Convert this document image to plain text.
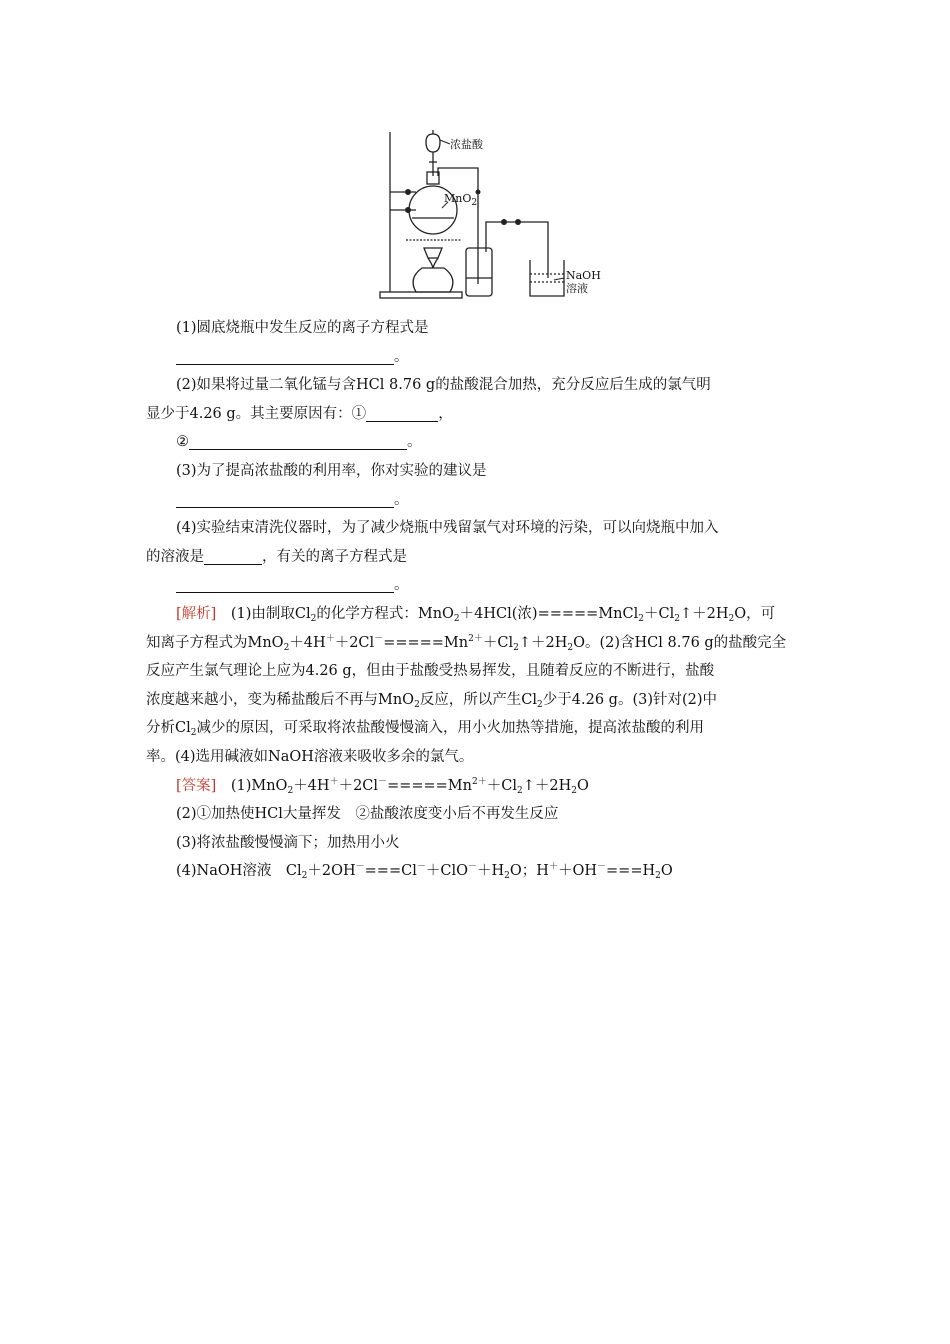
浓盐酸
MnO$_2$
NaOH
溶液

(1)圆底烧瓶中发生反应的离子方程式是

。

(2)如果将过量二氧化锰与含HCl 8.76 g的盐酸混合加热，充分反应后生成的氯气明

显少于4.26 g。其主要原因有：①	，

②	。

(3)为了提高浓盐酸的利用率，你对实验的建议是

。

(4)实验结束清洗仪器时，为了减少烧瓶中残留氯气对环境的污染，可以向烧瓶中加入

的溶液是	，有关的离子方程式是

。

[解析]　(1)由制取$Cl_2$的化学方程式：MnO$_2$＋4HCl(浓)$=====MnCl_2+Cl_2↑+2H_2O$，可

知离子方程式为$MnO_2+4H^++2Cl^-=====Mn^{2+}+Cl_2↑+2H_2O$。(2)含HCl 8.76 g的盐酸完全

反应产生氯气理论上应为4.26 g，但由于盐酸受热易挥发，且随着反应的不断进行，盐酸

浓度越来越小，变为稀盐酸后不再与MnO$_2$反应，所以产生$Cl_2$少于4.26 g。(3)针对(2)中

分析$Cl_2$减少的原因，可采取将浓盐酸慢慢滴入，用小火加热等措施，提高浓盐酸的利用

率。(4)选用碱液如NaOH溶液来吸收多余的氯气。

[答案]　$(1)MnO_2+4H^++2Cl^-=====Mn^{2+}+Cl_2↑+2H_2O$

(2)①加热使HCl大量挥发　②盐酸浓度变小后不再发生反应

(3)将浓盐酸慢慢滴下；加热用小火

(4)NaOH溶液　$Cl_2+2OH^-===Cl^-+ClO^-+H_2O$；$H^++OH^-===H_2O$
